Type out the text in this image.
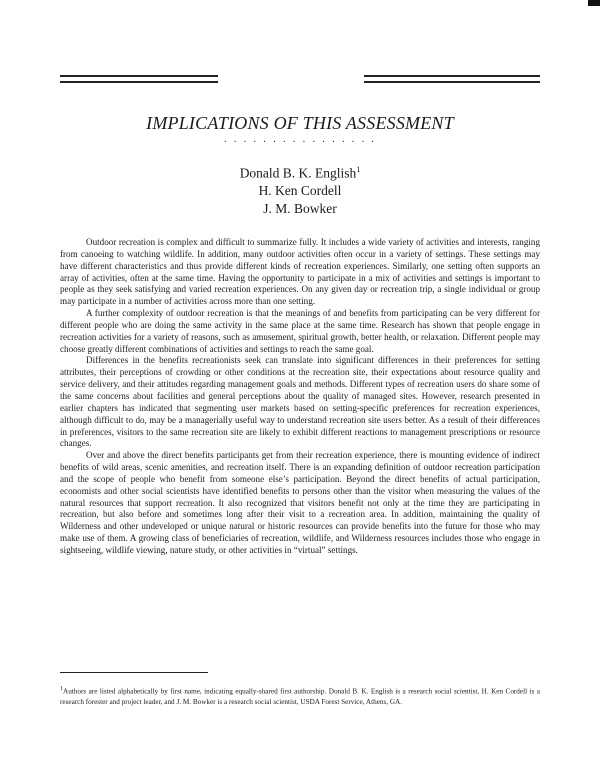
IMPLICATIONS OF THIS ASSESSMENT
· · · · · · · · · · · · · · · ·
Donald B. K. English$^1$
H. Ken Cordell
J. M. Bowker

Outdoor recreation is complex and difficult to summarize fully. It includes a wide variety of activities and interests, ranging from canoeing to watching wildlife. In addition, many outdoor activities often occur in a variety of settings. These settings may have different characteristics and thus provide different kinds of recreation experiences. Similarly, one setting often supports an array of activities, often at the same time. Having the opportunity to participate in a mix of activities and settings is important to people as they seek satisfying and varied recreation experiences. On any given day or recreation trip, a single individual or group may participate in a number of activities across more than one setting.

A further complexity of outdoor recreation is that the meanings of and benefits from participating can be very different for different people who are doing the same activity in the same place at the same time. Research has shown that people engage in recreation activities for a variety of reasons, such as amusement, spiritual growth, better health, or relaxation. Different people may choose greatly different combinations of activities and settings to reach the same goal.

Differences in the benefits recreationists seek can translate into significant differences in their preferences for setting attributes, their perceptions of crowding or other conditions at the recreation site, their expectations about resource quality and service delivery, and their attitudes regarding management goals and methods. Different types of recreation users do share some of the same concerns about facilities and general perceptions about the quality of managed sites. However, research presented in earlier chapters has indicated that segmenting user markets based on setting-specific preferences for recreation experiences, although difficult to do, may be a managerially useful way to understand recreation site users better. As a result of their differences in preferences, visitors to the same recreation site are likely to exhibit different reactions to management prescriptions or resource changes.

Over and above the direct benefits participants get from their recreation experience, there is mounting evidence of indirect benefits of wild areas, scenic amenities, and recreation itself. There is an expanding definition of outdoor recreation participation and the scope of people who benefit from someone else’s participation. Beyond the direct benefits of actual participation, economists and other social scientists have identified benefits to persons other than the visitor when measuring the values of the natural resources that support recreation. It also recognized that visitors benefit not only at the time they are participating in recreation, but also before and sometimes long after their visit to a recreation area. In addition, maintaining the quality of Wilderness and other undeveloped or unique natural or historic resources can provide benefits into the future for those who may make use of them. A growing class of beneficiaries of recreation, wildlife, and Wilderness resources includes those who engage in sightseeing, wildlife viewing, nature study, or other activities in “virtual” settings.

$^1$Authors are listed alphabetically by first name, indicating equally-shared first authorship. Donald B. K. English is a research social scientist, H. Ken Cordell is a research forester and project leader, and J. M. Bowker is a research social scientist, USDA Forest Service, Athens, GA.
